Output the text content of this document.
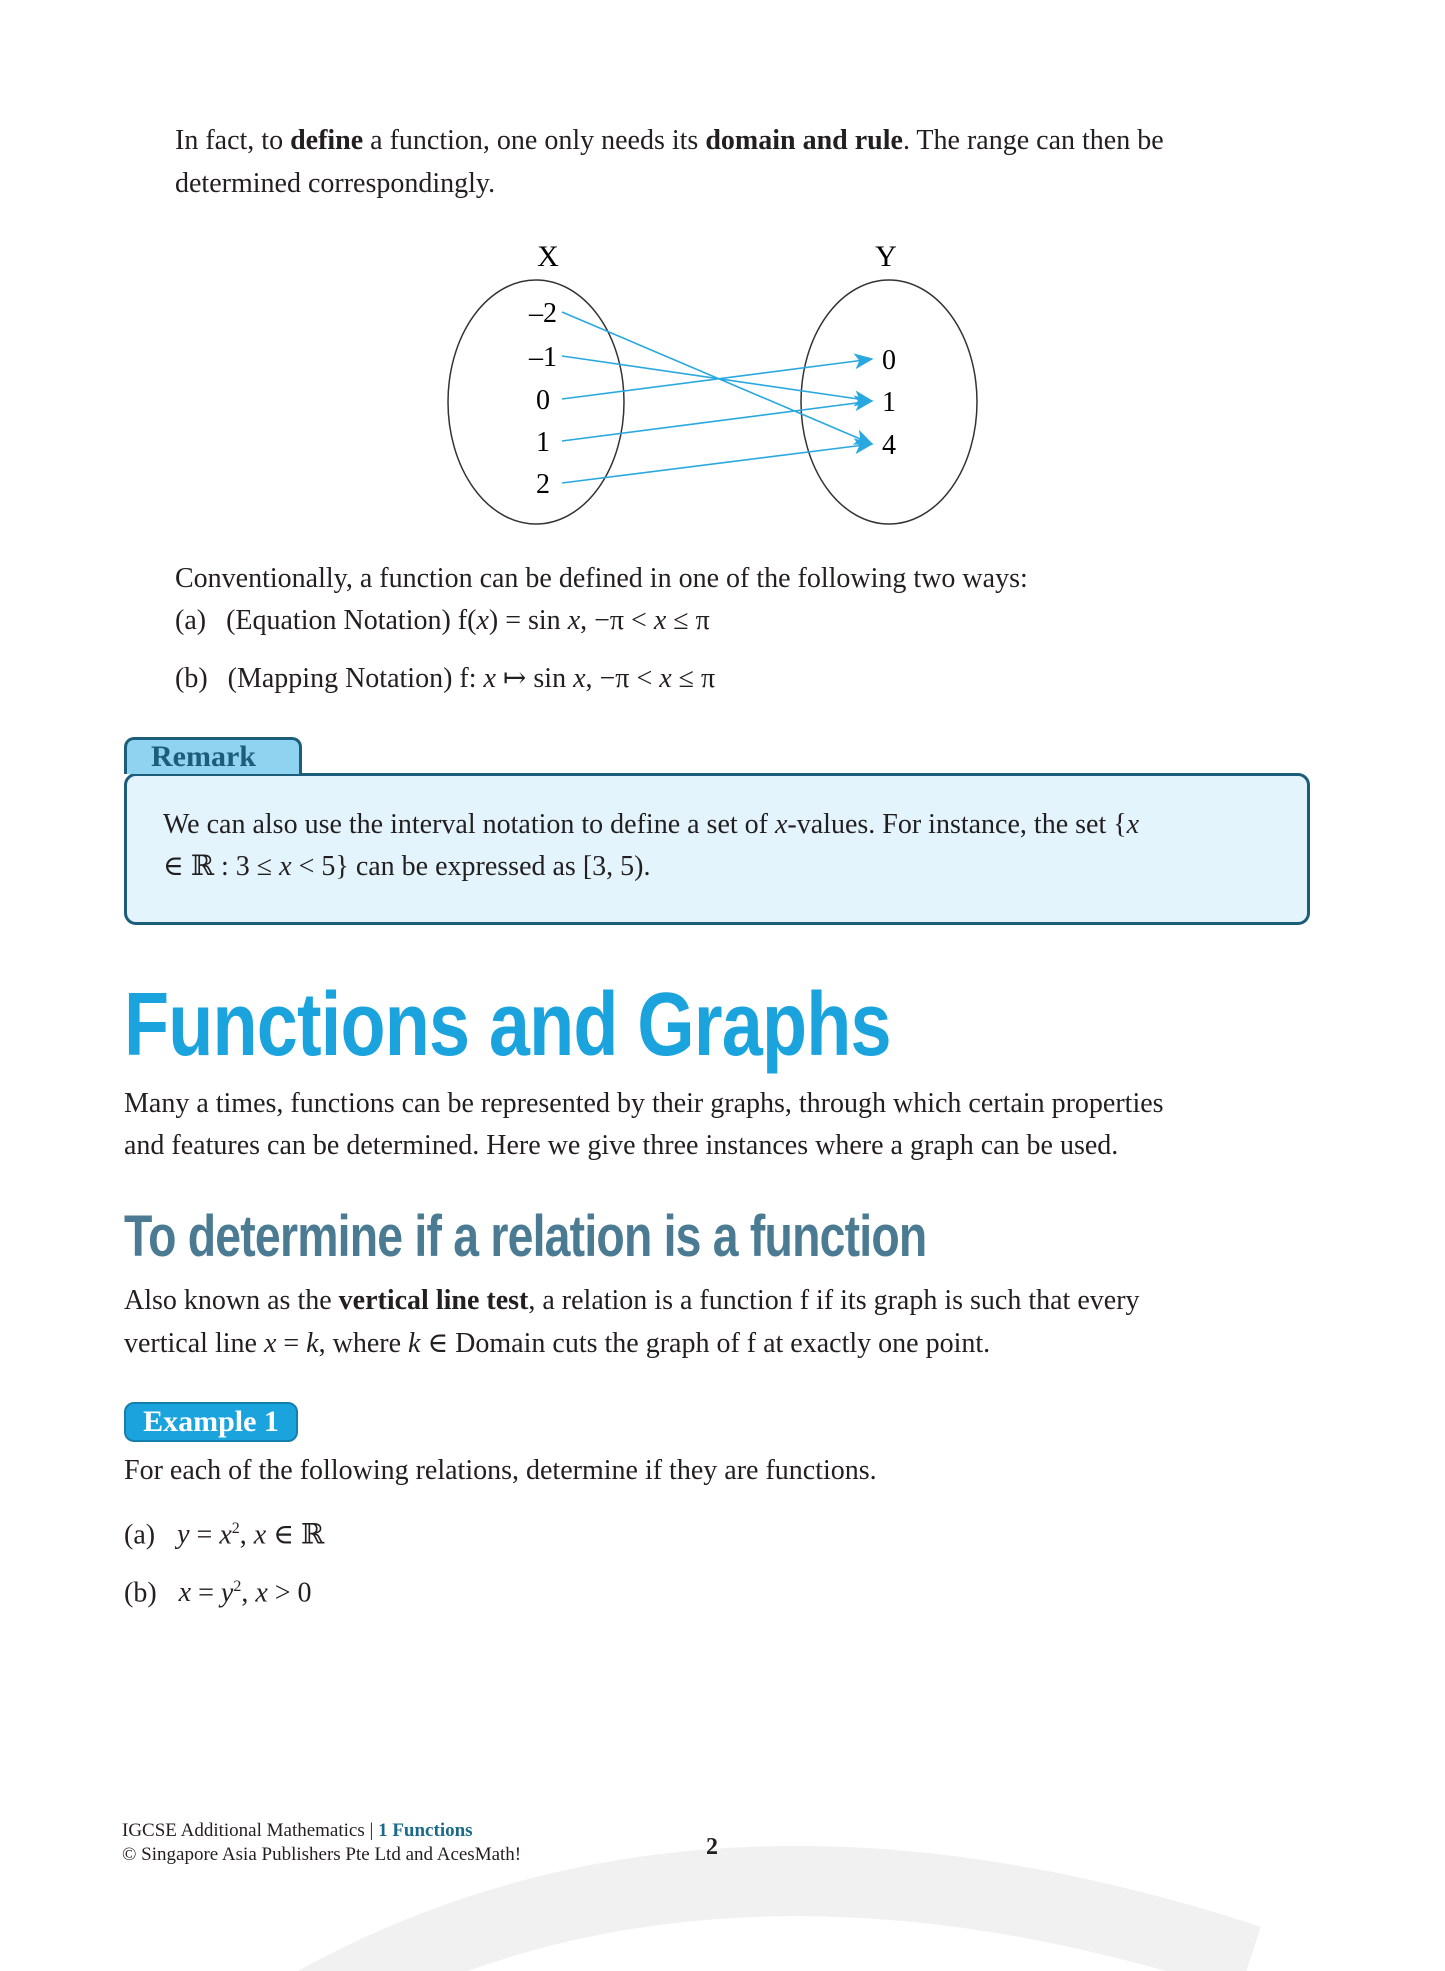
In fact, to define a function, one only needs its domain and rule. The range can then be
determined correspondingly.
X	Y
–2
–1
0
1
2
0
1
4
Conventionally, a function can be defined in one of the following two ways:
(a) (Equation Notation) f(x) = sin x, −π < x ≤ π
(b) (Mapping Notation) f: x ↦ sin x, −π < x ≤ π
Remark
We can also use the interval notation to define a set of x-values. For instance, the set {x
∈ ℝ : 3 ≤ x < 5} can be expressed as [3, 5).
Functions and Graphs
Many a times, functions can be represented by their graphs, through which certain properties
and features can be determined. Here we give three instances where a graph can be used.
To determine if a relation is a function
Also known as the vertical line test, a relation is a function f if its graph is such that every
vertical line x = k, where k ∈ Domain cuts the graph of f at exactly one point.
Example 1
For each of the following relations, determine if they are functions.
(a) $y = x^2$, x ∈ ℝ
(b) $x = y^2$, x > 0
IGCSE Additional Mathematics | 1 Functions
© Singapore Asia Publishers Pte Ltd and AcesMath!	2
